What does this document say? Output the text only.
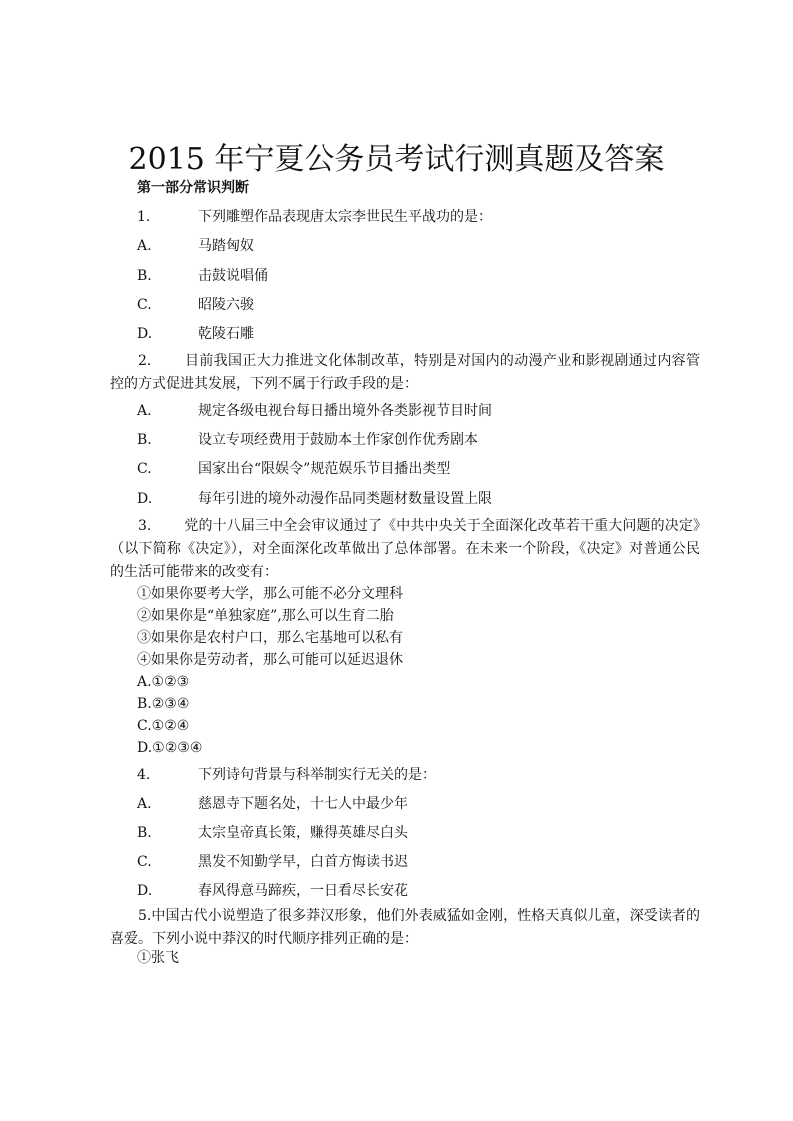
2015 年宁夏公务员考试行测真题及答案
第一部分常识判断
1.	下列雕塑作品表现唐太宗李世民生平战功的是：
A.	马踏匈奴
B.	击鼓说唱俑
C.	昭陵六骏
D.	乾陵石雕
2.　　 目前我国正大力推进文化体制改革，特别是对国内的动漫产业和影视剧通过内容管控的方式促进其发展，下列不属于行政手段的是：
A.	规定各级电视台每日播出境外各类影视节目时间
B.	设立专项经费用于鼓励本土作家创作优秀剧本
C.	国家出台“限娱令”规范娱乐节目播出类型
D.	每年引进的境外动漫作品同类题材数量设置上限
3.　　 党的十八届三中全会审议通过了《中共中央关于全面深化改革若干重大问题的决定》（以下简称《决定》），对全面深化改革做出了总体部署。在未来一个阶段，《决定》对普通公民的生活可能带来的改变有：
①如果你要考大学，那么可能不必分文理科
②如果你是“单独家庭”,那么可以生育二胎
③如果你是农村户口，那么宅基地可以私有
④如果你是劳动者，那么可能可以延迟退休
A.①②③
B.②③④
C.①②④
D.①②③④
4.	下列诗句背景与科举制实行无关的是：
A.	慈恩寺下题名处，十七人中最少年
B.	太宗皇帝真长策，赚得英雄尽白头
C.	黑发不知勤学早，白首方悔读书迟
D.	春风得意马蹄疾，一日看尽长安花
5.中国古代小说塑造了很多莽汉形象，他们外表威猛如金刚，性格天真似儿童，深受读者的喜爱。下列小说中莽汉的时代顺序排列正确的是：
①张飞
